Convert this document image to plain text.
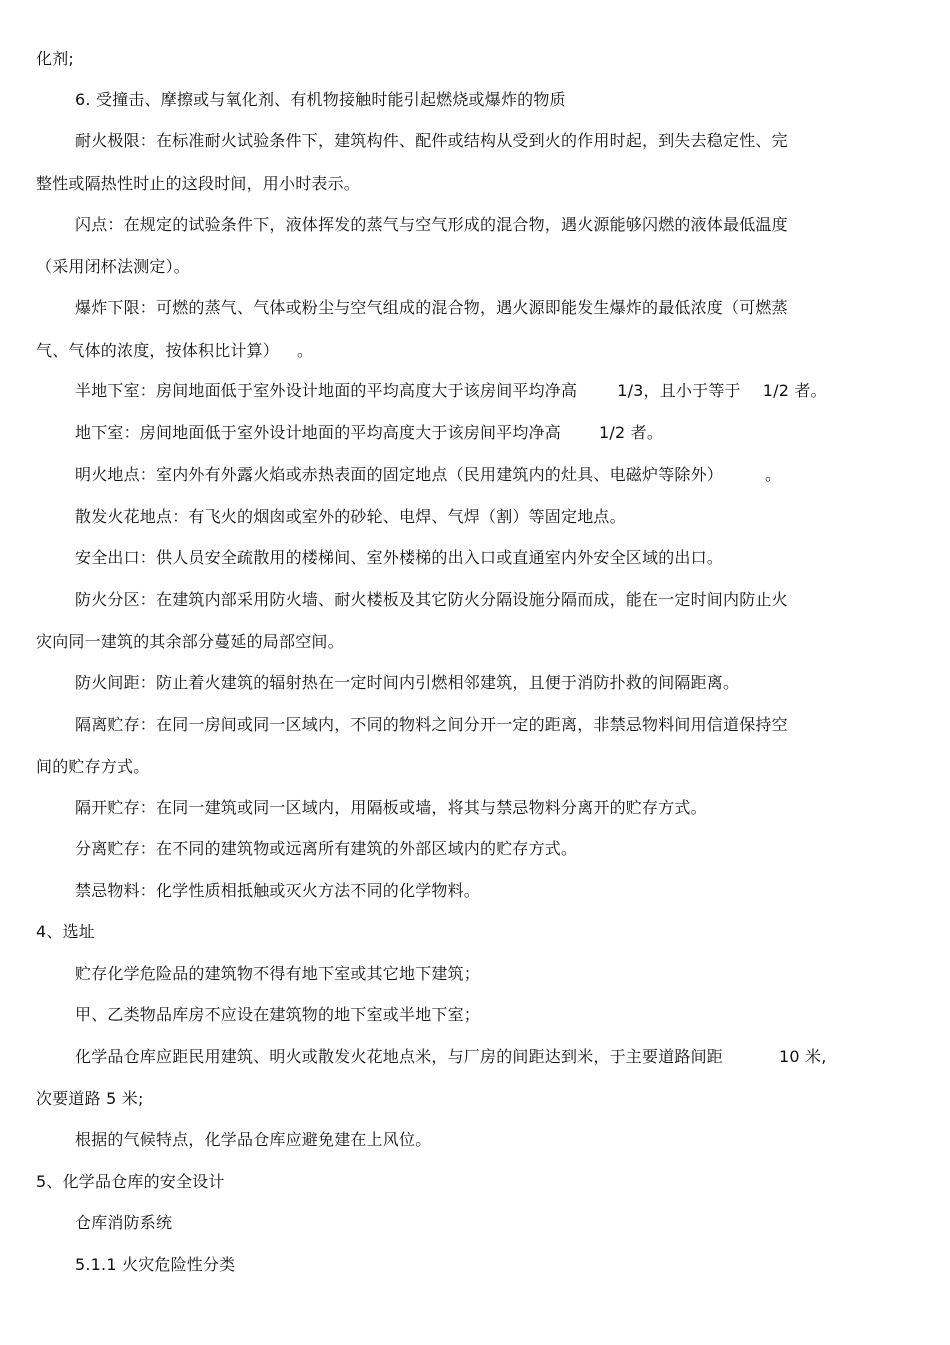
化剂;
6. 受撞击、摩擦或与氧化剂、有机物接触时能引起燃烧或爆炸的物质
耐火极限：在标准耐火试验条件下，建筑构件、配件或结构从受到火的作用时起，到失去稳定性、完
整性或隔热性时止的这段时间，用小时表示。
闪点：在规定的试验条件下，液体挥发的蒸气与空气形成的混合物，遇火源能够闪燃的液体最低温度
（采用闭杯法测定）。
爆炸下限：可燃的蒸气、气体或粉尘与空气组成的混合物，遇火源即能发生爆炸的最低浓度（可燃蒸
气、气体的浓度，按体积比计算） 。
半地下室：房间地面低于室外设计地面的平均高度大于该房间平均净高	1/3，且小于等于 1/2 者。
地下室：房间地面低于室外设计地面的平均高度大于该房间平均净高 1/2 者。
明火地点：室内外有外露火焰或赤热表面的固定地点（民用建筑内的灶具、电磁炉等除外）	。
散发火花地点：有飞火的烟囱或室外的砂轮、电焊、气焊（割）等固定地点。
安全出口：供人员安全疏散用的楼梯间、室外楼梯的出入口或直通室内外安全区域的出口。
防火分区：在建筑内部采用防火墙、耐火楼板及其它防火分隔设施分隔而成，能在一定时间内防止火
灾向同一建筑的其余部分蔓延的局部空间。
防火间距：防止着火建筑的辐射热在一定时间内引燃相邻建筑，且便于消防扑救的间隔距离。
隔离贮存：在同一房间或同一区域内，不同的物料之间分开一定的距离，非禁忌物料间用信道保持空
间的贮存方式。
隔开贮存：在同一建筑或同一区域内，用隔板或墙，将其与禁忌物料分离开的贮存方式。
分离贮存：在不同的建筑物或远离所有建筑的外部区域内的贮存方式。
禁忌物料：化学性质相抵触或灭火方法不同的化学物料。
4、选址
贮存化学危险品的建筑物不得有地下室或其它地下建筑；
甲、乙类物品库房不应设在建筑物的地下室或半地下室；
化学品仓库应距民用建筑、明火或散发火花地点米，与厂房的间距达到米，于主要道路间距	10 米,
次要道路 5 米;
根据的气候特点，化学品仓库应避免建在上风位。
5、化学品仓库的安全设计
仓库消防系统
5.1.1 火灾危险性分类
